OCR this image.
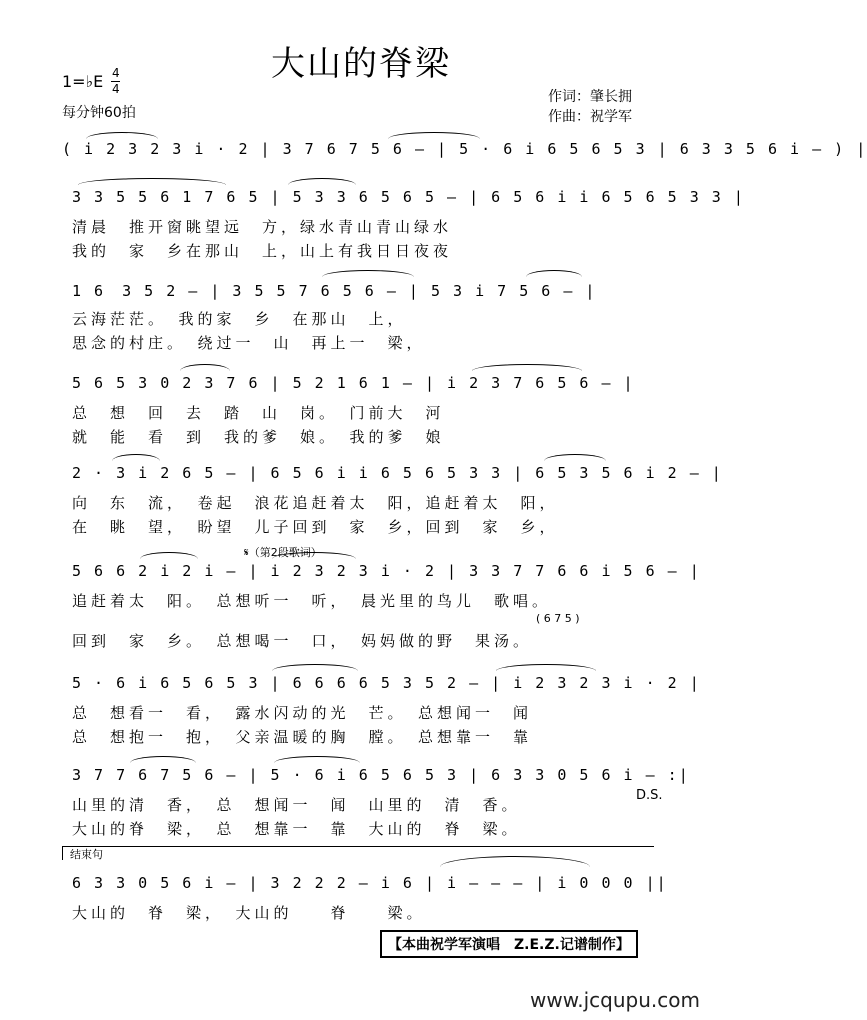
大山的脊梁
1=♭E 4
4
每分钟60拍
作词：肇长拥
作曲：祝学军
( i 2 3 2 3 i · 2 | 3 7 6 7 5 6 — | 5 · 6 i 6 5 6 5 3 | 6 3 3 5 6 i — ) |
3 3 5 5 6 1 7 6 5 | 5 3 3 6 5 6 5 — | 6 5 6 i i 6 5 6 5 3 3 |
清晨　推开窗眺望远　方，绿水青山青山绿水
我的　家　乡在那山　上，山上有我日日夜夜
1 6　3 5 2 — | 3 5 5 7 6 5 6 — | 5 3 i 7 5 6 — |
云海茫茫。　我的家　乡　在那山　上，
思念的村庄。　绕过一　山　再上一　梁，
5 6 5 3 0 2 3 7 6 | 5 2 1 6 1 — | i 2 3 7 6 5 6 — |
总　想　回　去　踏　山　岗。　门前大　河
就　能　看　到　我的爹　娘。　我的爹　娘
2 · 3 i 2 6 5 — | 6 5 6 i i 6 5 6 5 3 3 | 6 5 3 5 6 i 2 — |
向　东　流，　卷起　浪花追赶着太　阳，追赶着太　阳，
在　眺　望，　盼望　儿子回到　家　乡，回到　家　乡，
𝄋（第2段歌词）
5 6 6 2 i 2 i — | i 2 3 2 3 i · 2 | 3 3 7 7 6 6 i 5 6 — |
追赶着太　阳。　总想听一　听，　晨光里的鸟儿　歌唱。
( 6 7 5 )
回到　家　乡。　总想喝一　口，　妈妈做的野　果汤。
5 · 6 i 6 5 6 5 3 | 6 6 6 6 5 3 5 2 — | i 2 3 2 3 i · 2 |
总　想看一　看，　露水闪动的光　芒。　总想闻一　闻
总　想抱一　抱，　父亲温暖的胸　膛。　总想靠一　靠
3 7 7 6 7 5 6 — | 5 · 6 i 6 5 6 5 3 | 6 3 3 0 5 6 i — :|
山里的清　香，　总　想闻一　闻　山里的　清　香。
大山的脊　梁，　总　想靠一　靠　大山的　脊　梁。
D.S.
结束句
6 3 3 0 5 6 i — | 3 2 2 2 — i 6 | i — — — | i 0 0 0 ||
大山的　脊　梁，　大山的　　脊　　梁。
【本曲祝学军演唱　Z.E.Z.记谱制作】
www.jcqupu.com
